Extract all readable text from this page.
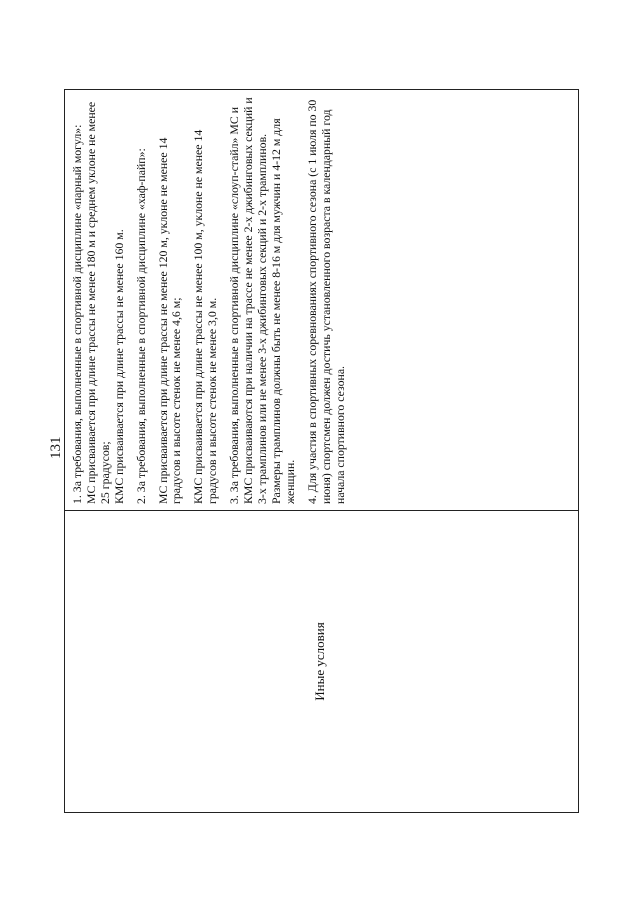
131
Иные условия
1. За требования, выполненные в спортивной дисциплине «парный могул»: МС присваивается при длине трассы не менее 180 м и среднем уклоне не менее 25 градусов; КМС присваивается при длине трассы не менее 160 м. 2. За требования, выполненные в спортивной дисциплине «хаф-пайп»: МС присваивается при длине трассы не менее 120 м, уклоне не менее 14 градусов и высоте стенок не менее 4,6 м; КМС присваивается при длине трассы не менее 100 м, уклоне не менее 14 градусов и высоте стенок не менее 3,0 м. 3. За требования, выполненные в спортивной дисциплине «слоуп-стайл» МС и КМС присваиваются при наличии на трассе не менее 2-х джибинговых секций и 3-х трамплинов или не менее 3-х джибинговых секций и 2-х трамплинов. Размеры трамплинов должны быть не менее 8-16 м для мужчин и 4-12 м для женщин. 4. Для участия в спортивных соревнованиях спортивного сезона (с 1 июля по 30 июня) спортсмен должен достичь установленного возраста в календарный год начала спортивного сезона.
